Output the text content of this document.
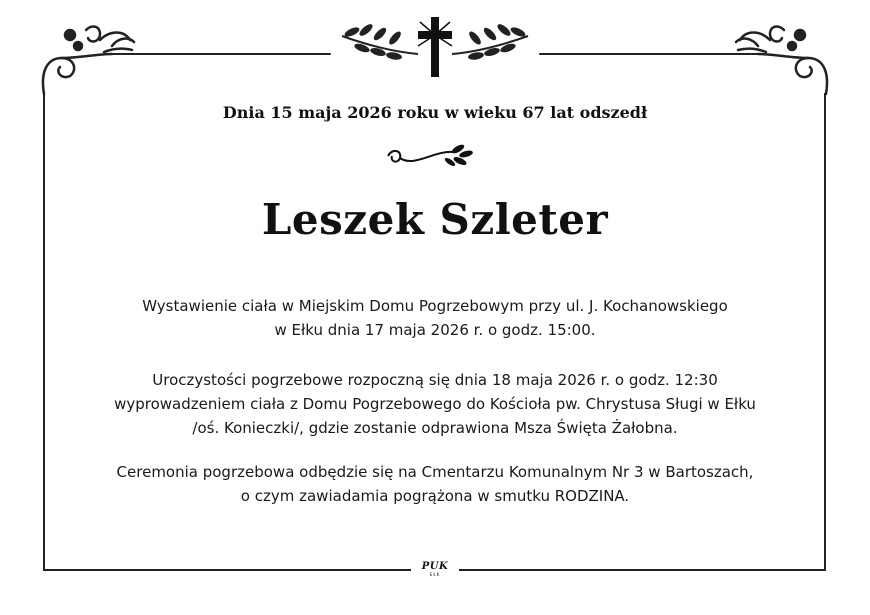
PUK
EŁK
Dnia 15 maja 2026 roku w wieku 67 lat odszedł
Leszek Szleter
Wystawienie ciała w Miejskim Domu Pogrzebowym przy ul. J. Kochanowskiego
w Ełku dnia 17 maja 2026 r. o godz. 15:00.
Uroczystości pogrzebowe rozpoczną się dnia 18 maja 2026 r. o godz. 12:30
wyprowadzeniem ciała z Domu Pogrzebowego do Kościoła pw. Chrystusa Sługi w Ełku
/oś. Konieczki/, gdzie zostanie odprawiona Msza Święta Żałobna.
Ceremonia pogrzebowa odbędzie się na Cmentarzu Komunalnym Nr 3 w Bartoszach,
o czym zawiadamia pogrążona w smutku RODZINA.
